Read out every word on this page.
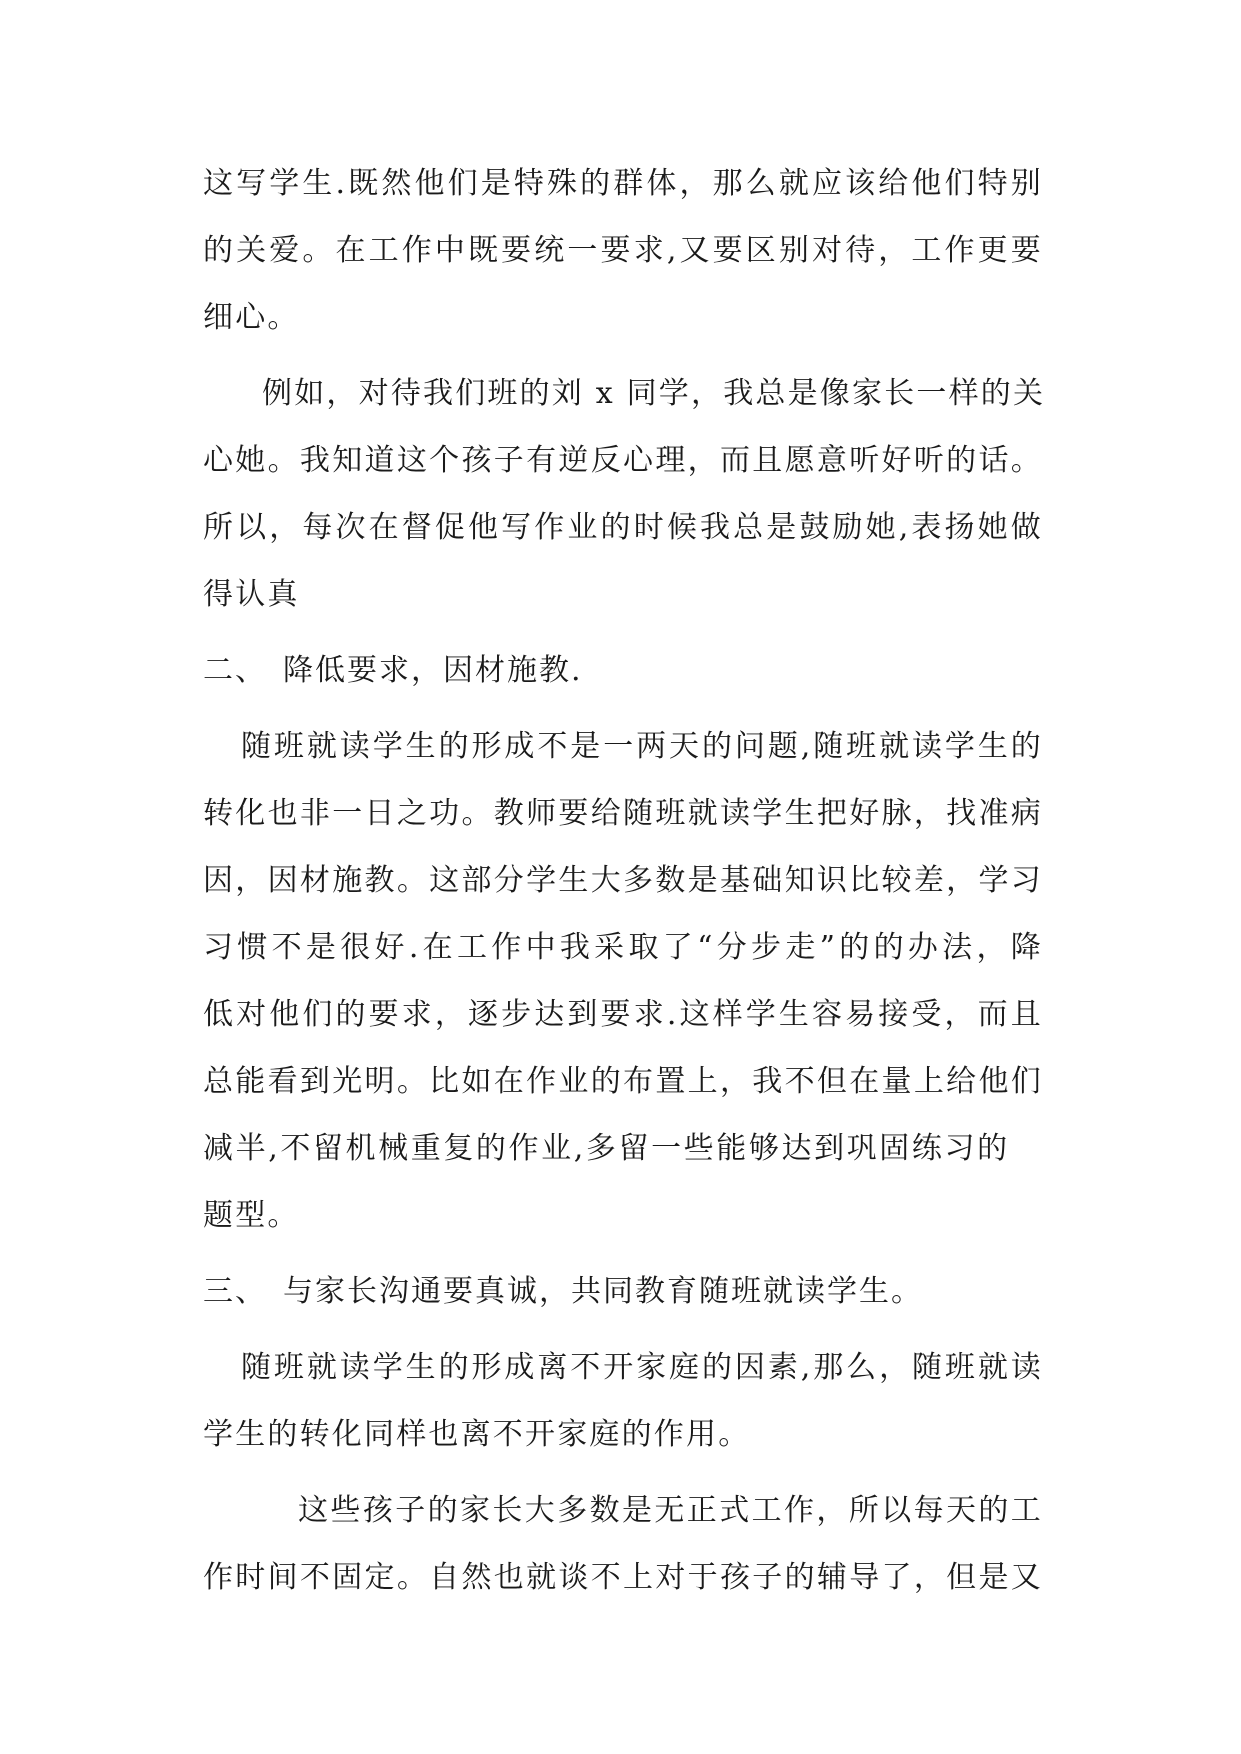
这写学生.既然他们是特殊的群体，那么就应该给他们特别
的关爱。在工作中既要统一要求,又要区别对待，工作更要
细心。
例如，对待我们班的刘 x 同学，我总是像家长一样的关
心她。我知道这个孩子有逆反心理，而且愿意听好听的话。
所以，每次在督促他写作业的时候我总是鼓励她,表扬她做
得认真
二、 降低要求，因材施教.
随班就读学生的形成不是一两天的问题,随班就读学生的
转化也非一日之功。教师要给随班就读学生把好脉，找准病
因，因材施教。这部分学生大多数是基础知识比较差，学习
习惯不是很好.在工作中我采取了“分步走”的的办法，降
低对他们的要求，逐步达到要求.这样学生容易接受，而且
总能看到光明。比如在作业的布置上，我不但在量上给他们
减半,不留机械重复的作业,多留一些能够达到巩固练习的
题型。
三、 与家长沟通要真诚，共同教育随班就读学生。
随班就读学生的形成离不开家庭的因素,那么，随班就读
学生的转化同样也离不开家庭的作用。
这些孩子的家长大多数是无正式工作，所以每天的工
作时间不固定。自然也就谈不上对于孩子的辅导了，但是又
